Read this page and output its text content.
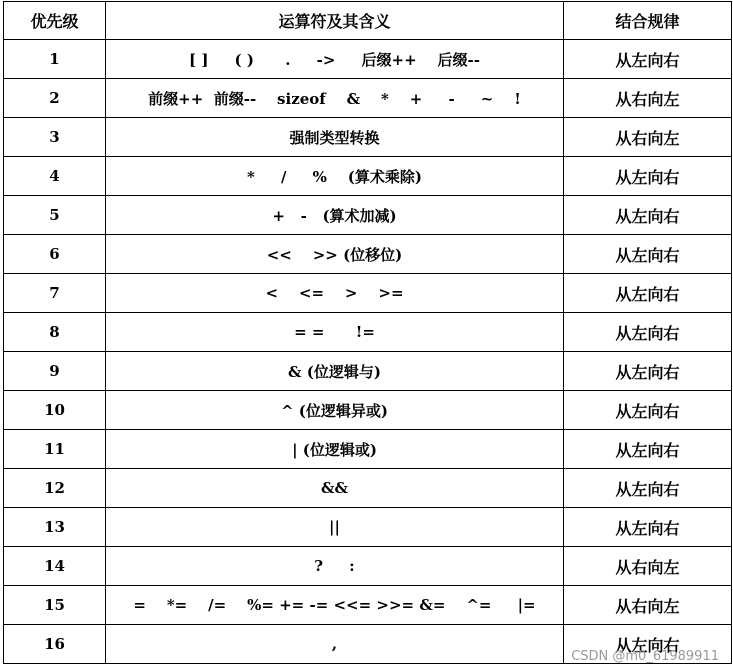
优先级	运算符及其含义	结合规律
1	[ ]     ( )      .     ->     后缀++    后缀--	从左向右
2	前缀++  前缀--    sizeof    &    *    +     -     ~    !	从右向左
3	强制类型转换	从右向左
4	*     /     %    (算术乘除)	从左向右
5	+   -   (算术加减)	从左向右
6	<<    >> (位移位)	从左向右
7	<    <=    >    >=	从左向右
8	= =      !=	从左向右
9	& (位逻辑与)	从左向右
10	^ (位逻辑异或)	从左向右
11	| (位逻辑或)	从左向右
12	&&	从左向右
13	||	从左向右
14	?     :	从右向左
15	=    *=    /=    %= += -= <<= >>= &=    ^=     |=	从右向左
16	,	从左向右
CSDN @m0_61989911
